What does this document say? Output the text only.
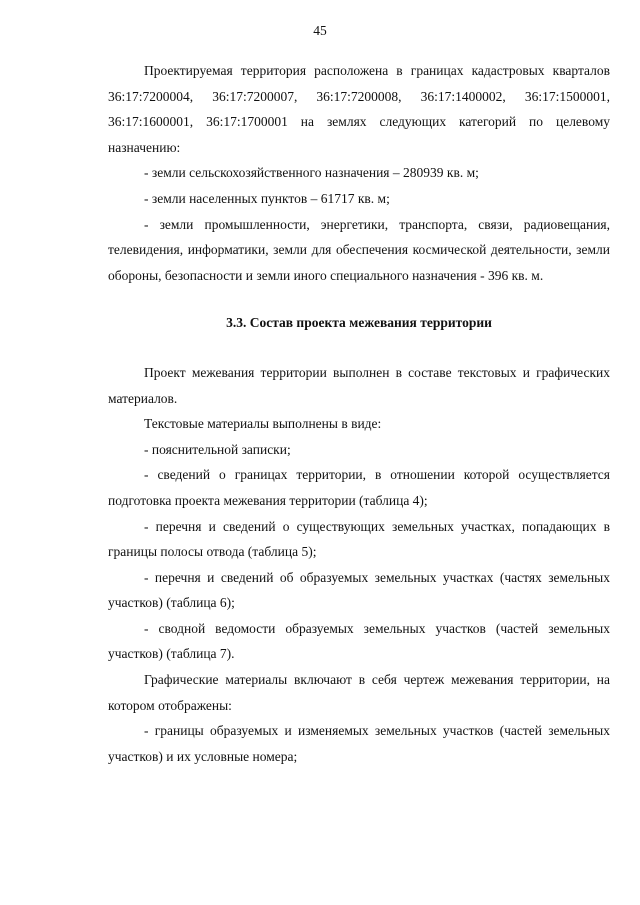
45

Проектируемая территория расположена в границах кадастровых кварталов 36:17:7200004, 36:17:7200007, 36:17:7200008, 36:17:1400002, 36:17:1500001, 36:17:1600001, 36:17:1700001 на землях следующих категорий по целевому назначению:

- земли сельскохозяйственного назначения – 280939 кв. м;

- земли населенных пунктов – 61717 кв. м;

- земли промышленности, энергетики, транспорта, связи, радиовещания, телевидения, информатики, земли для обеспечения космической деятельности, земли обороны, безопасности и земли иного специального назначения - 396 кв. м.

3.3. Состав проекта межевания территории

Проект межевания территории выполнен в составе текстовых и графических материалов.

Текстовые материалы выполнены в виде:

- пояснительной записки;

- сведений о границах территории, в отношении которой осуществляется подготовка проекта межевания территории (таблица 4);

- перечня и сведений о существующих земельных участках, попадающих в границы полосы отвода (таблица 5);

- перечня и сведений об образуемых земельных участках (частях земельных участков) (таблица 6);

- сводной ведомости образуемых земельных участков (частей земельных участков) (таблица 7).

Графические материалы включают в себя чертеж межевания территории, на котором отображены:

- границы образуемых и изменяемых земельных участков (частей земельных участков) и их условные номера;
